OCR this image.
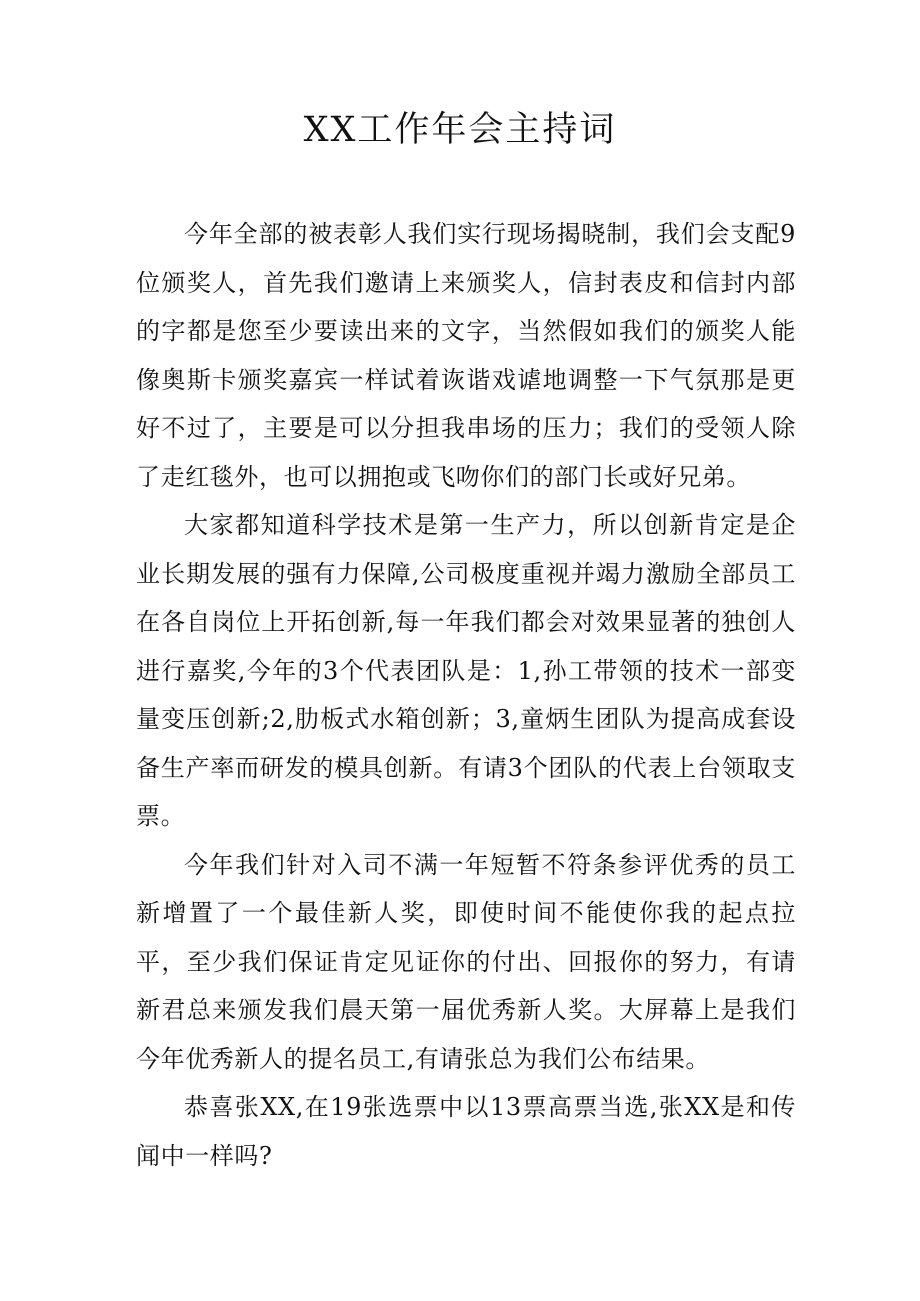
XX工作年会主持词

今年全部的被表彰人我们实行现场揭晓制，我们会支配9位颁奖人，首先我们邀请上来颁奖人，信封表皮和信封内部的字都是您至少要读出来的文字，当然假如我们的颁奖人能像奥斯卡颁奖嘉宾一样试着诙谐戏谑地调整一下气氛那是更好不过了，主要是可以分担我串场的压力；我们的受领人除了走红毯外，也可以拥抱或飞吻你们的部门长或好兄弟。

大家都知道科学技术是第一生产力，所以创新肯定是企业长期发展的强有力保障,公司极度重视并竭力激励全部员工在各自岗位上开拓创新,每一年我们都会对效果显著的独创人进行嘉奖,今年的3个代表团队是：1,孙工带领的技术一部变量变压创新;2,肋板式水箱创新；3,童炳生团队为提高成套设备生产率而研发的模具创新。有请3个团队的代表上台领取支票。

今年我们针对入司不满一年短暂不符条参评优秀的员工新增置了一个最佳新人奖，即使时间不能使你我的起点拉平，至少我们保证肯定见证你的付出、回报你的努力，有请新君总来颁发我们晨天第一届优秀新人奖。大屏幕上是我们今年优秀新人的提名员工,有请张总为我们公布结果。

恭喜张XX,在19张选票中以13票高票当选,张XX是和传闻中一样吗?
